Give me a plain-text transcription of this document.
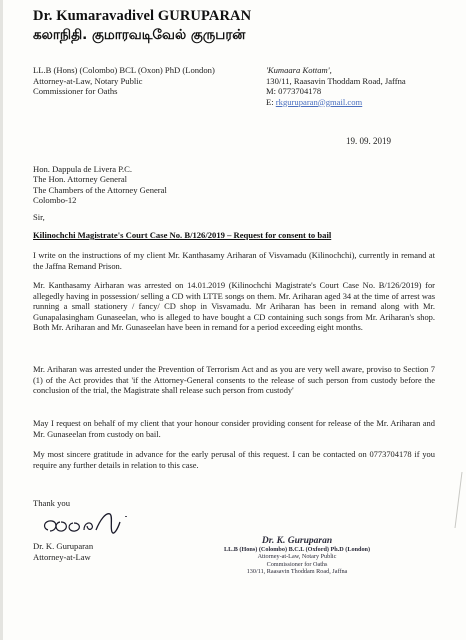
Dr. Kumaravadivel GURUPARAN
கலாநிதி. குமாரவடிவேல் குருபரன்
LL.B (Hons) (Colombo) BCL (Oxon) PhD (London)
Attorney-at-Law, Notary Public
Commissioner for Oaths
'Kumaara Kottam',
130/11, Raasavin Thoddam Road, Jaffna
M: 0773704178
E: rkguruparan@gmail.com
19. 09. 2019
Hon. Dappula de Livera P.C.
The Hon. Attorney General
The Chambers of the Attorney General
Colombo-12
Sir,
Kilinochchi Magistrate's Court Case No. B/126/2019 – Request for consent to bail
I write on the instructions of my client Mr. Kanthasamy Ariharan of Visvamadu (Kilinochchi), currently in remand at the Jaffna Remand Prison.
Mr. Kanthasamy Airharan was arrested on 14.01.2019 (Kilinochchi Magistrate's Court Case No. B/126/2019) for allegedly having in possession/ selling a CD with LTTE songs on them. Mr. Ariharan aged 34 at the time of arrest was running a small stationery / fancy/ CD shop in Visvamadu. Mr Ariharan has been in remand along with Mr. Gunapalasingham Gunaseelan, who is alleged to have bought a CD containing such songs from Mr. Ariharan's shop. Both Mr. Ariharan and Mr. Gunaseelan have been in remand for a period exceeding eight months.
Mr. Ariharan was arrested under the Prevention of Terrorism Act and as you are very well aware, proviso to Section 7 (1) of the Act provides that 'if the Attorney-General consents to the release of such person from custody before the conclusion of the trial, the Magistrate shall release such person from custody'
May I request on behalf of my client that your honour consider providing consent for release of the Mr. Ariharan and Mr. Gunaseelan from custody on bail.
My most sincere gratitude in advance for the early perusal of this request. I can be contacted on 0773704178 if you require any further details in relation to this case.
Thank you
Dr. K. Guruparan
Attorney-at-Law
Dr. K. Guruparan
LL.B (Hons) (Colombo) B.C.L (Oxford) Ph.D (London)
Attorney-at-Law, Notary Public
Commissioner for Oaths
130/11, Raasavin Thoddam Road, Jaffna
